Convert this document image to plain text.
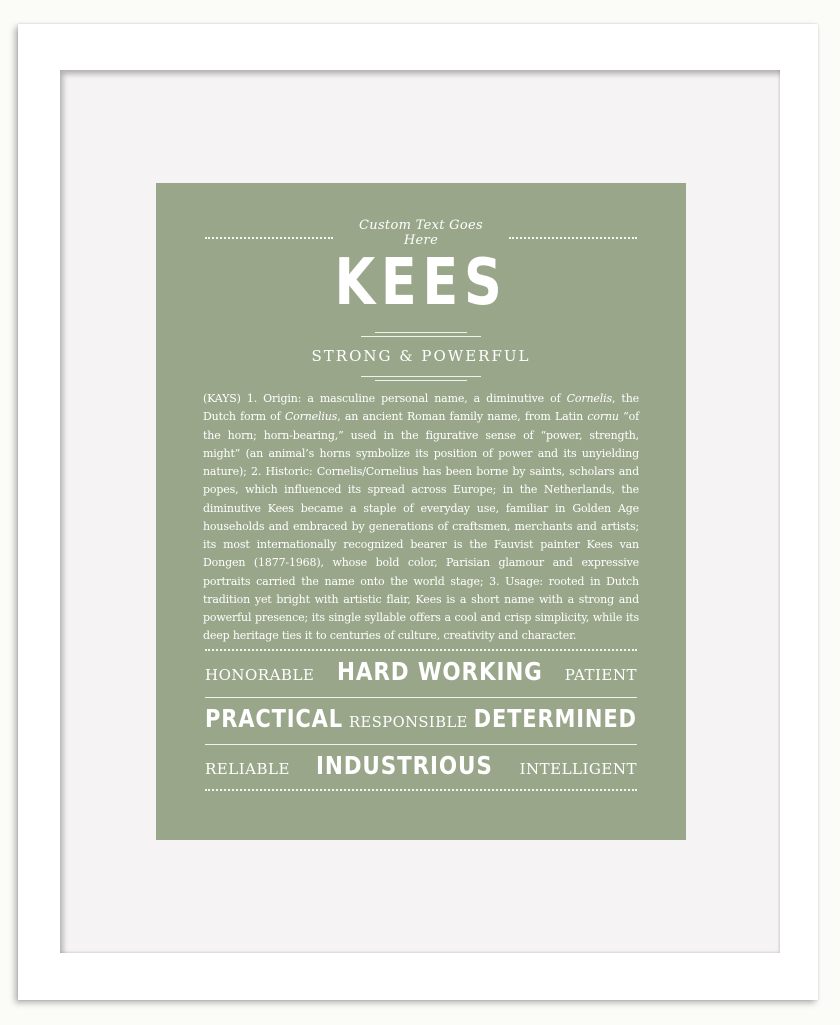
Custom Text Goes Here
KEES
STRONG & POWERFUL
(KAYS) 1. Origin: a masculine personal name, a diminutive of Cornelis, the Dutch form of Cornelius, an ancient Roman family name, from Latin cornu “of the horn; horn-bearing,” used in the figurative sense of “power, strength, might” (an animal’s horns symbolize its position of power and its unyielding nature); 2. Historic: Cornelis/Cornelius has been borne by saints, scholars and popes, which influenced its spread across Europe; in the Netherlands, the diminutive Kees became a staple of everyday use, familiar in Golden Age households and embraced by generations of craftsmen, merchants and artists; its most internationally recognized bearer is the Fauvist painter Kees van Dongen (1877-1968), whose bold color, Parisian glamour and expressive portraits carried the name onto the world stage; 3. Usage: rooted in Dutch tradition yet bright with artistic flair, Kees is a short name with a strong and powerful presence; its single syllable offers a cool and crisp simplicity, while its deep heritage ties it to centuries of culture, creativity and character.
honorable HARD WORKING patient
PRACTICAL responsible DETERMINED
reliable INDUSTRIOUS intelligent
